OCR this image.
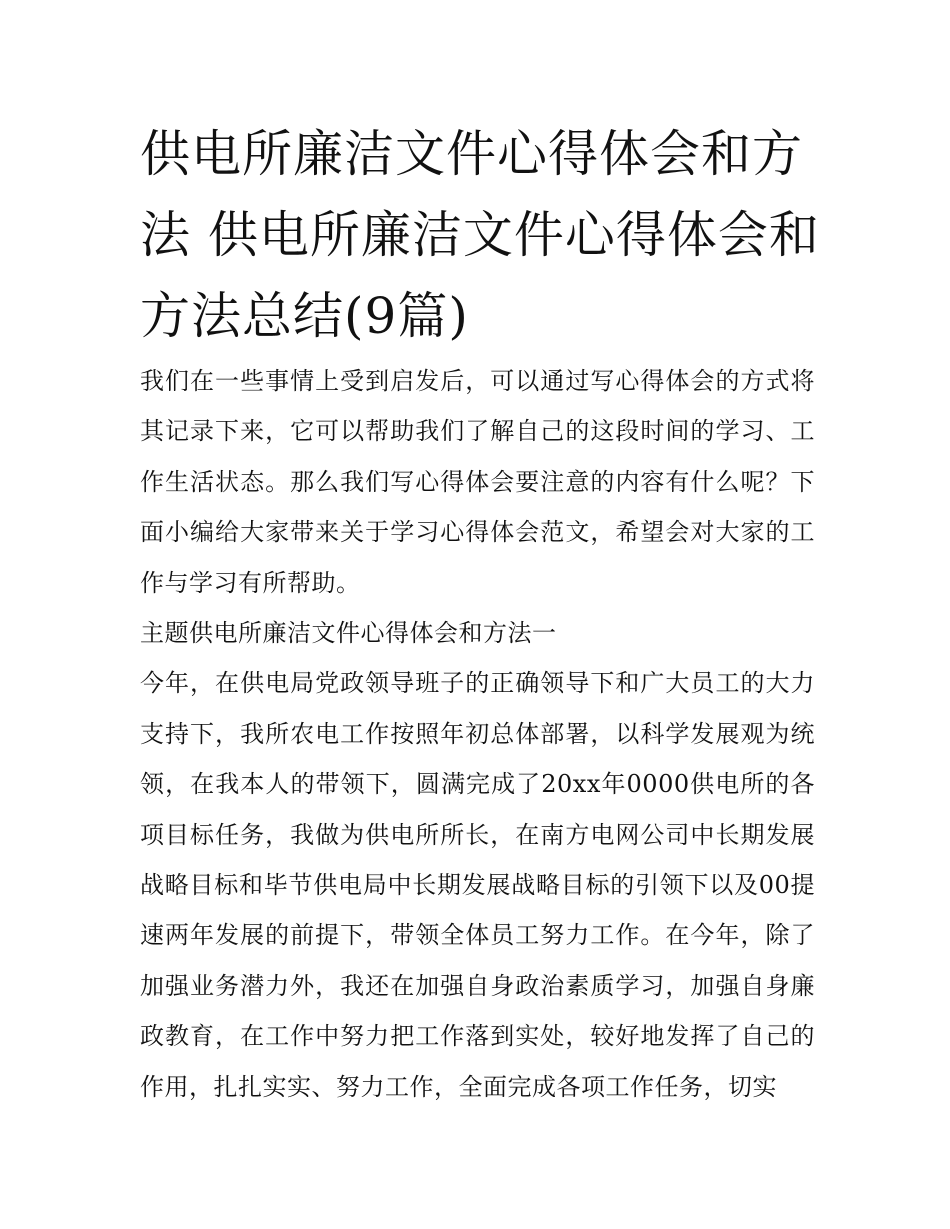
供电所廉洁文件心得体会和方法 供电所廉洁文件心得体会和方法总结(9篇)

我们在一些事情上受到启发后，可以通过写心得体会的方式将其记录下来，它可以帮助我们了解自己的这段时间的学习、工作生活状态。那么我们写心得体会要注意的内容有什么呢？下面小编给大家带来关于学习心得体会范文，希望会对大家的工作与学习有所帮助。

主题供电所廉洁文件心得体会和方法一

今年，在供电局党政领导班子的正确领导下和广大员工的大力支持下，我所农电工作按照年初总体部署，以科学发展观为统领，在我本人的带领下，圆满完成了20xx年0000供电所的各项目标任务，我做为供电所所长，在南方电网公司中长期发展战略目标和毕节供电局中长期发展战略目标的引领下以及00提速两年发展的前提下，带领全体员工努力工作。在今年，除了加强业务潜力外，我还在加强自身政治素质学习，加强自身廉政教育，在工作中努力把工作落到实处，较好地发挥了自己的作用，扎扎实实、努力工作，全面完成各项工作任务，切实
